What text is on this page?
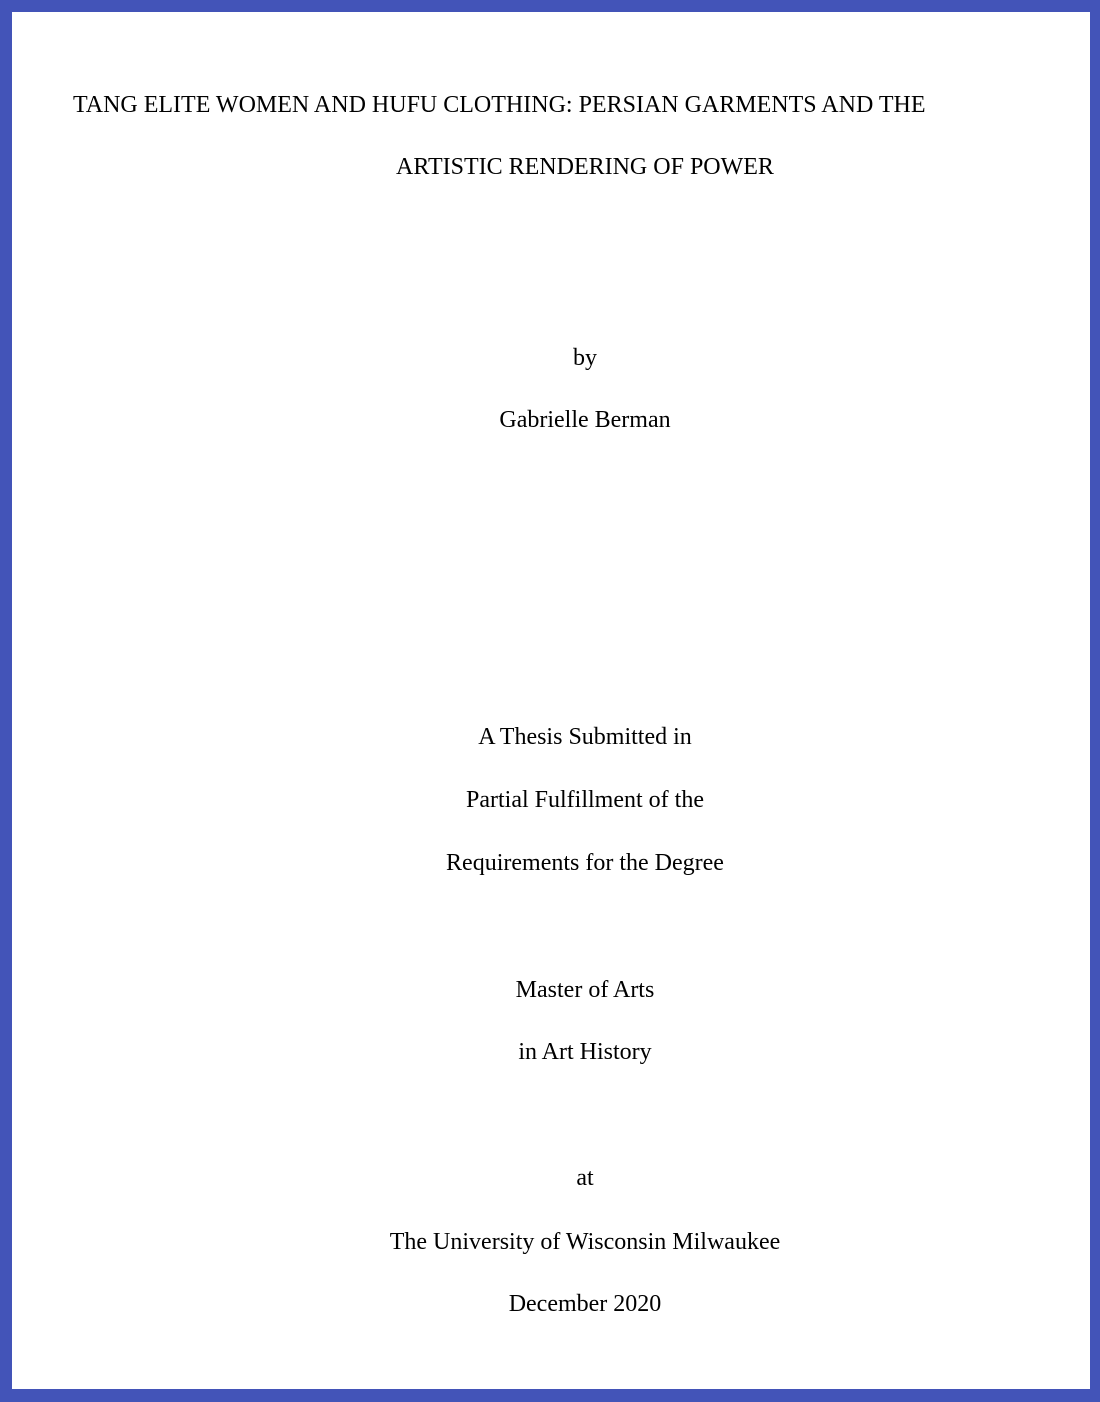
TANG ELITE WOMEN AND HUFU CLOTHING: PERSIAN GARMENTS AND THE
ARTISTIC RENDERING OF POWER
by
Gabrielle Berman
A Thesis Submitted in
Partial Fulfillment of the
Requirements for the Degree
Master of Arts
in Art History
at
The University of Wisconsin Milwaukee
December 2020
